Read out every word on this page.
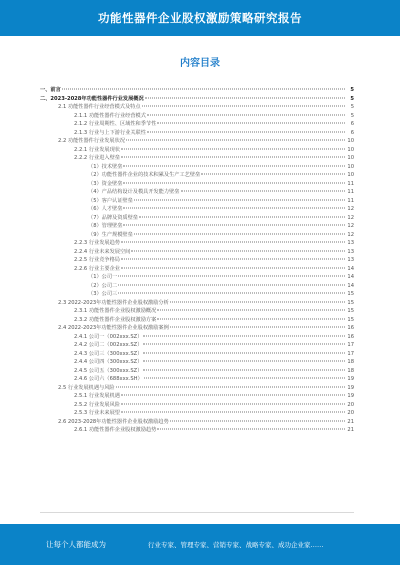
功能性器件企业股权激励策略研究报告
内容目录
一、前言	5
二、2023-2028年功能性器件行业发展概况	5
2.1 功能性器件行业经营模式及特点	5
2.1.1 功能性器件行业经营模式	5
2.1.2 行业周期性、区域性和季节性	6
2.1.3 行业与上下游行业关联性	6
2.2 功能性器件行业发展状况	10
2.2.1 行业发展现状	10
2.2.2 行业进入壁垒	10
（1）技术壁垒	10
（2）功能性器件企业的技术积累及生产工艺壁垒	10
（3）资金壁垒	11
（4）产品结构设计及模具开发能力壁垒	11
（5）客户认证壁垒	11
（6）人才壁垒	12
（7）品牌及资质壁垒	12
（8）管理壁垒	12
（9）生产规模壁垒	12
2.2.3 行业发展趋势	13
2.2.4 行业未来发展空间	13
2.2.5 行业竞争格局	13
2.2.6 行业主要企业	14
（1）公司一	14
（2）公司二	14
（3）公司三	15
2.3 2022-2023年功能性器件企业股权激励分析	15
2.3.1 功能性器件企业股权激励概况	15
2.3.2 功能性器件企业股权激励方案	15
2.4 2022-2023年功能性器件企业股权激励案例	16
2.4.1 公司一（002xxx.SZ）	16
2.4.2 公司二（002xxx.SZ）	17
2.4.3 公司三（300xxx.SZ）	17
2.4.4 公司四（300xxx.SZ）	18
2.4.5 公司五（300xxx.SZ）	18
2.4.6 公司六（688xxx.SH）	19
2.5 行业发展机遇与风险	19
2.5.1 行业发展机遇	19
2.5.2 行业发展风险	20
2.5.3 行业未来展望	20
2.6 2023-2028年功能性器件企业股权激励趋势	21
2.6.1 功能性器件企业股权激励趋势	21
让每个人都能成为	行业专家、管理专家、营销专家、战略专家、成功企业家……
